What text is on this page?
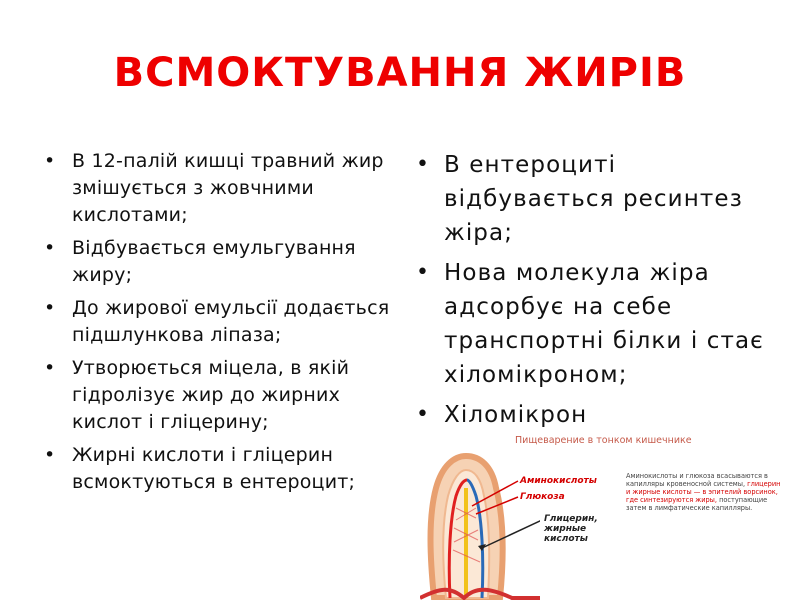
ВСМОКТУВАННЯ ЖИРІВ
• В 12-палій кишці травний жир змішується з жовчними кислотами;
• Відбувається емульгування жиру;
• До жирової емульсії додається підшлункова ліпаза;
• Утворюється міцела, в якій гідролізує жир до жирних кислот і гліцерину;
• Жирні кислоти і гліцерин всмоктуються в ентероцит;
• В ентероциті відбувається ресинтез жіра;
• Нова молекула жіра адсорбує на себе транспортні білки і стає хіломікроном;
• Хіломікрон
Пищеварение в тонком кишечнике
Аминокислоты
Глюкоза
Глицерин, жирные кислоты
Аминокислоты и глюкоза всасываются в капилляры кровеносной системы, глицерин и жирные кислоты — в эпителий ворсинок, где синтезируются жиры, поступающие затем в лимфатические капилляры.
